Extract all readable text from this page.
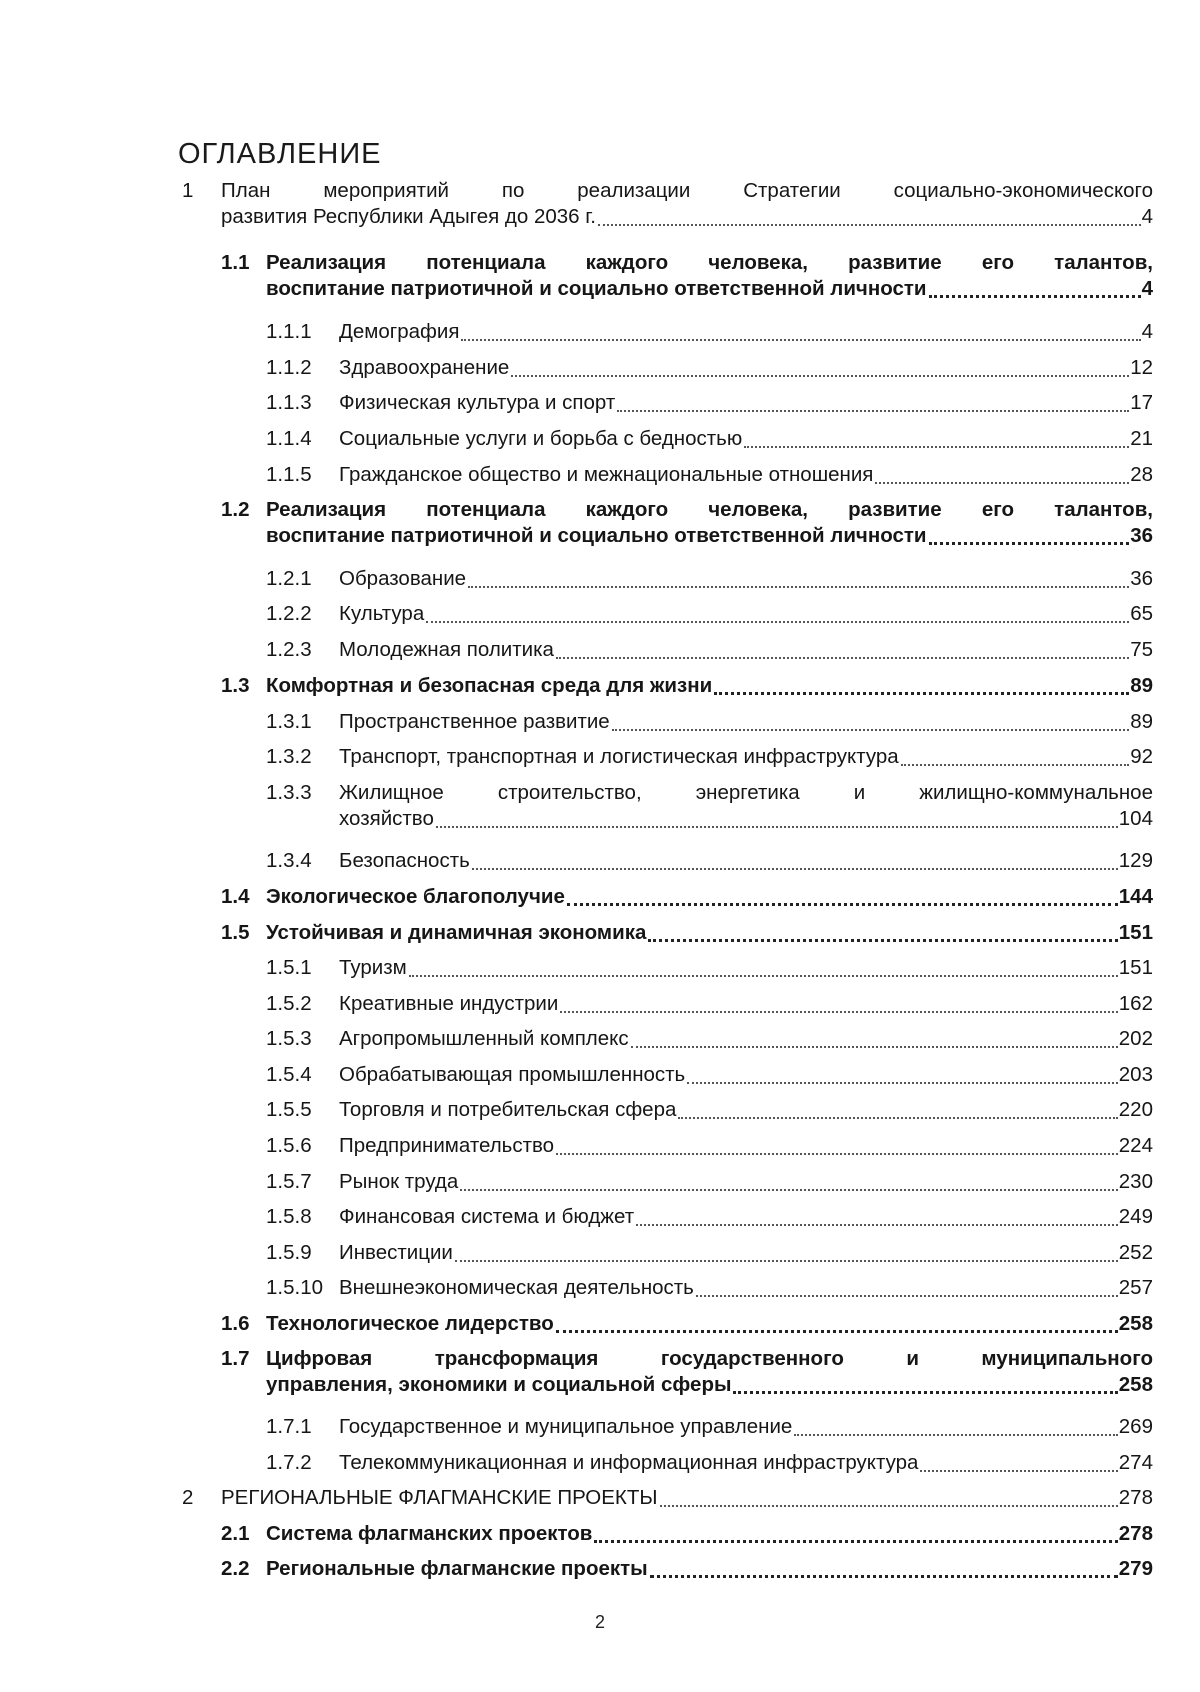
ОГЛАВЛЕНИЕ
1 План мероприятий по реализации Стратегии социально-экономического
развития Республики Адыгея до 2036 г.	4
1.1 Реализация потенциала каждого человека, развитие его талантов,
воспитание патриотичной и социально ответственной личности	4
1.1.1 Демография	4
1.1.2 Здравоохранение	12
1.1.3 Физическая культура и спорт	17
1.1.4 Социальные услуги и борьба с бедностью	21
1.1.5 Гражданское общество и межнациональные отношения	28
1.2 Реализация потенциала каждого человека, развитие его талантов,
воспитание патриотичной и социально ответственной личности	36
1.2.1 Образование	36
1.2.2 Культура	65
1.2.3 Молодежная политика	75
1.3 Комфортная и безопасная среда для жизни	89
1.3.1 Пространственное развитие	89
1.3.2 Транспорт, транспортная и логистическая инфраструктура	92
1.3.3 Жилищное строительство, энергетика и жилищно-коммунальное
хозяйство	104
1.3.4 Безопасность	129
1.4 Экологическое благополучие	144
1.5 Устойчивая и динамичная экономика	151
1.5.1 Туризм	151
1.5.2 Креативные индустрии	162
1.5.3 Агропромышленный комплекс	202
1.5.4 Обрабатывающая промышленность	203
1.5.5 Торговля и потребительская сфера	220
1.5.6 Предпринимательство	224
1.5.7 Рынок труда	230
1.5.8 Финансовая система и бюджет	249
1.5.9 Инвестиции	252
1.5.10 Внешнеэкономическая деятельность	257
1.6 Технологическое лидерство	258
1.7 Цифровая трансформация государственного и муниципального
управления, экономики и социальной сферы	258
1.7.1 Государственное и муниципальное управление	269
1.7.2 Телекоммуникационная и информационная инфраструктура	274
2 РЕГИОНАЛЬНЫЕ ФЛАГМАНСКИЕ ПРОЕКТЫ	278
2.1 Система флагманских проектов	278
2.2 Региональные флагманские проекты	279
2
